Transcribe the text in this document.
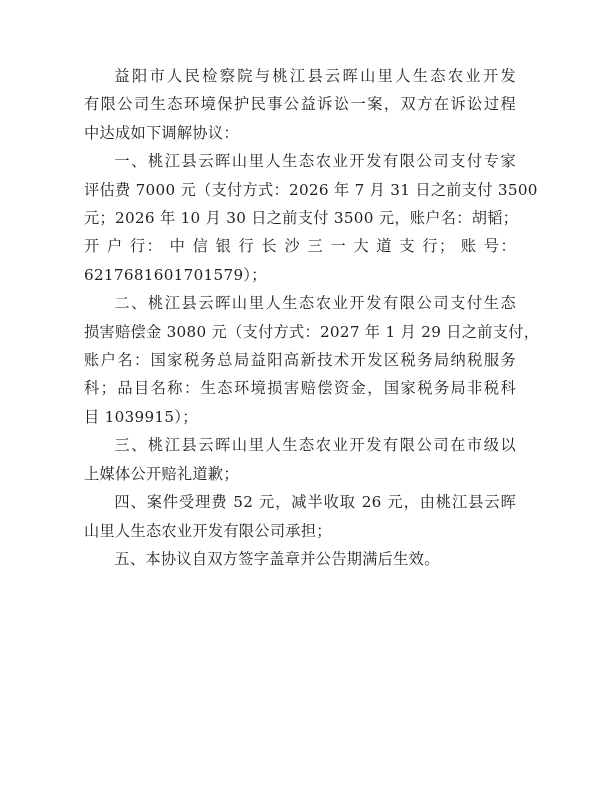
益阳市人民检察院与桃江县云晖山里人生态农业开发
有限公司生态环境保护民事公益诉讼一案，双方在诉讼过程
中达成如下调解协议：
一、桃江县云晖山里人生态农业开发有限公司支付专家
评估费 7000 元（支付方式：2026 年 7 月 31 日之前支付 3500
元；2026 年 10 月 30 日之前支付 3500 元，账户名：胡韬；
开 户 行： 中 信 银 行 长 沙 三 一 大 道 支 行； 账 号：
6217681601701579）；
二、桃江县云晖山里人生态农业开发有限公司支付生态
损害赔偿金 3080 元（支付方式：2027 年 1 月 29 日之前支付，
账户名：国家税务总局益阳高新技术开发区税务局纳税服务
科；品目名称：生态环境损害赔偿资金，国家税务局非税科
目 1039915）；
三、桃江县云晖山里人生态农业开发有限公司在市级以
上媒体公开赔礼道歉；
四、案件受理费 52 元，减半收取 26 元，由桃江县云晖
山里人生态农业开发有限公司承担；
五、本协议自双方签字盖章并公告期满后生效。
